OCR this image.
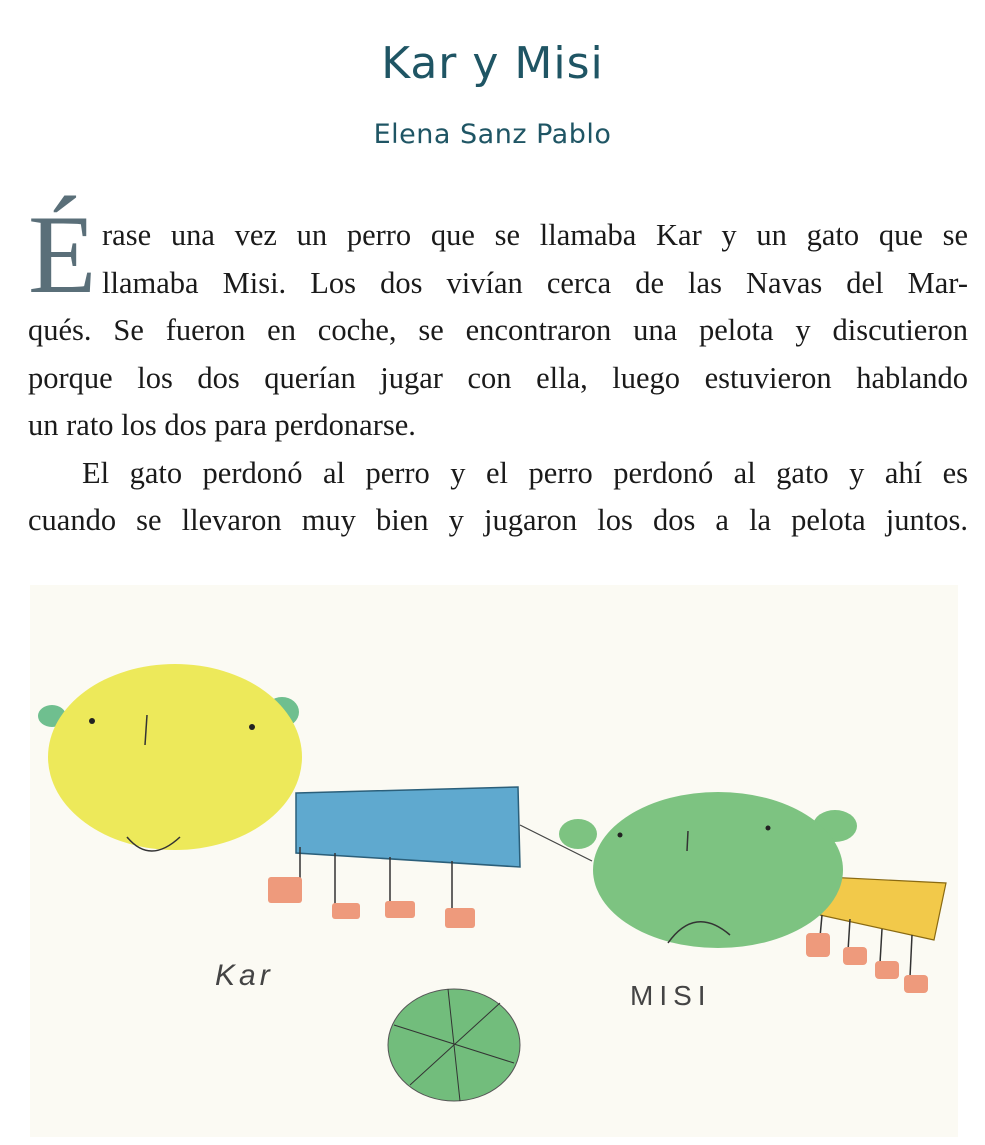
Kar y Misi
Elena Sanz Pablo
É rase una vez un perro que se llamaba Kar y un gato que se
llamaba Misi. Los dos vivían cerca de las Navas del Mar-
qués. Se fueron en coche, se encontraron una pelota y discutieron
porque los dos querían jugar con ella, luego estuvieron hablando
un rato los dos para perdonarse.
El gato perdonó al perro y el perro perdonó al gato y ahí es
cuando se llevaron muy bien y jugaron los dos a la pelota juntos.
Kar
MISI
